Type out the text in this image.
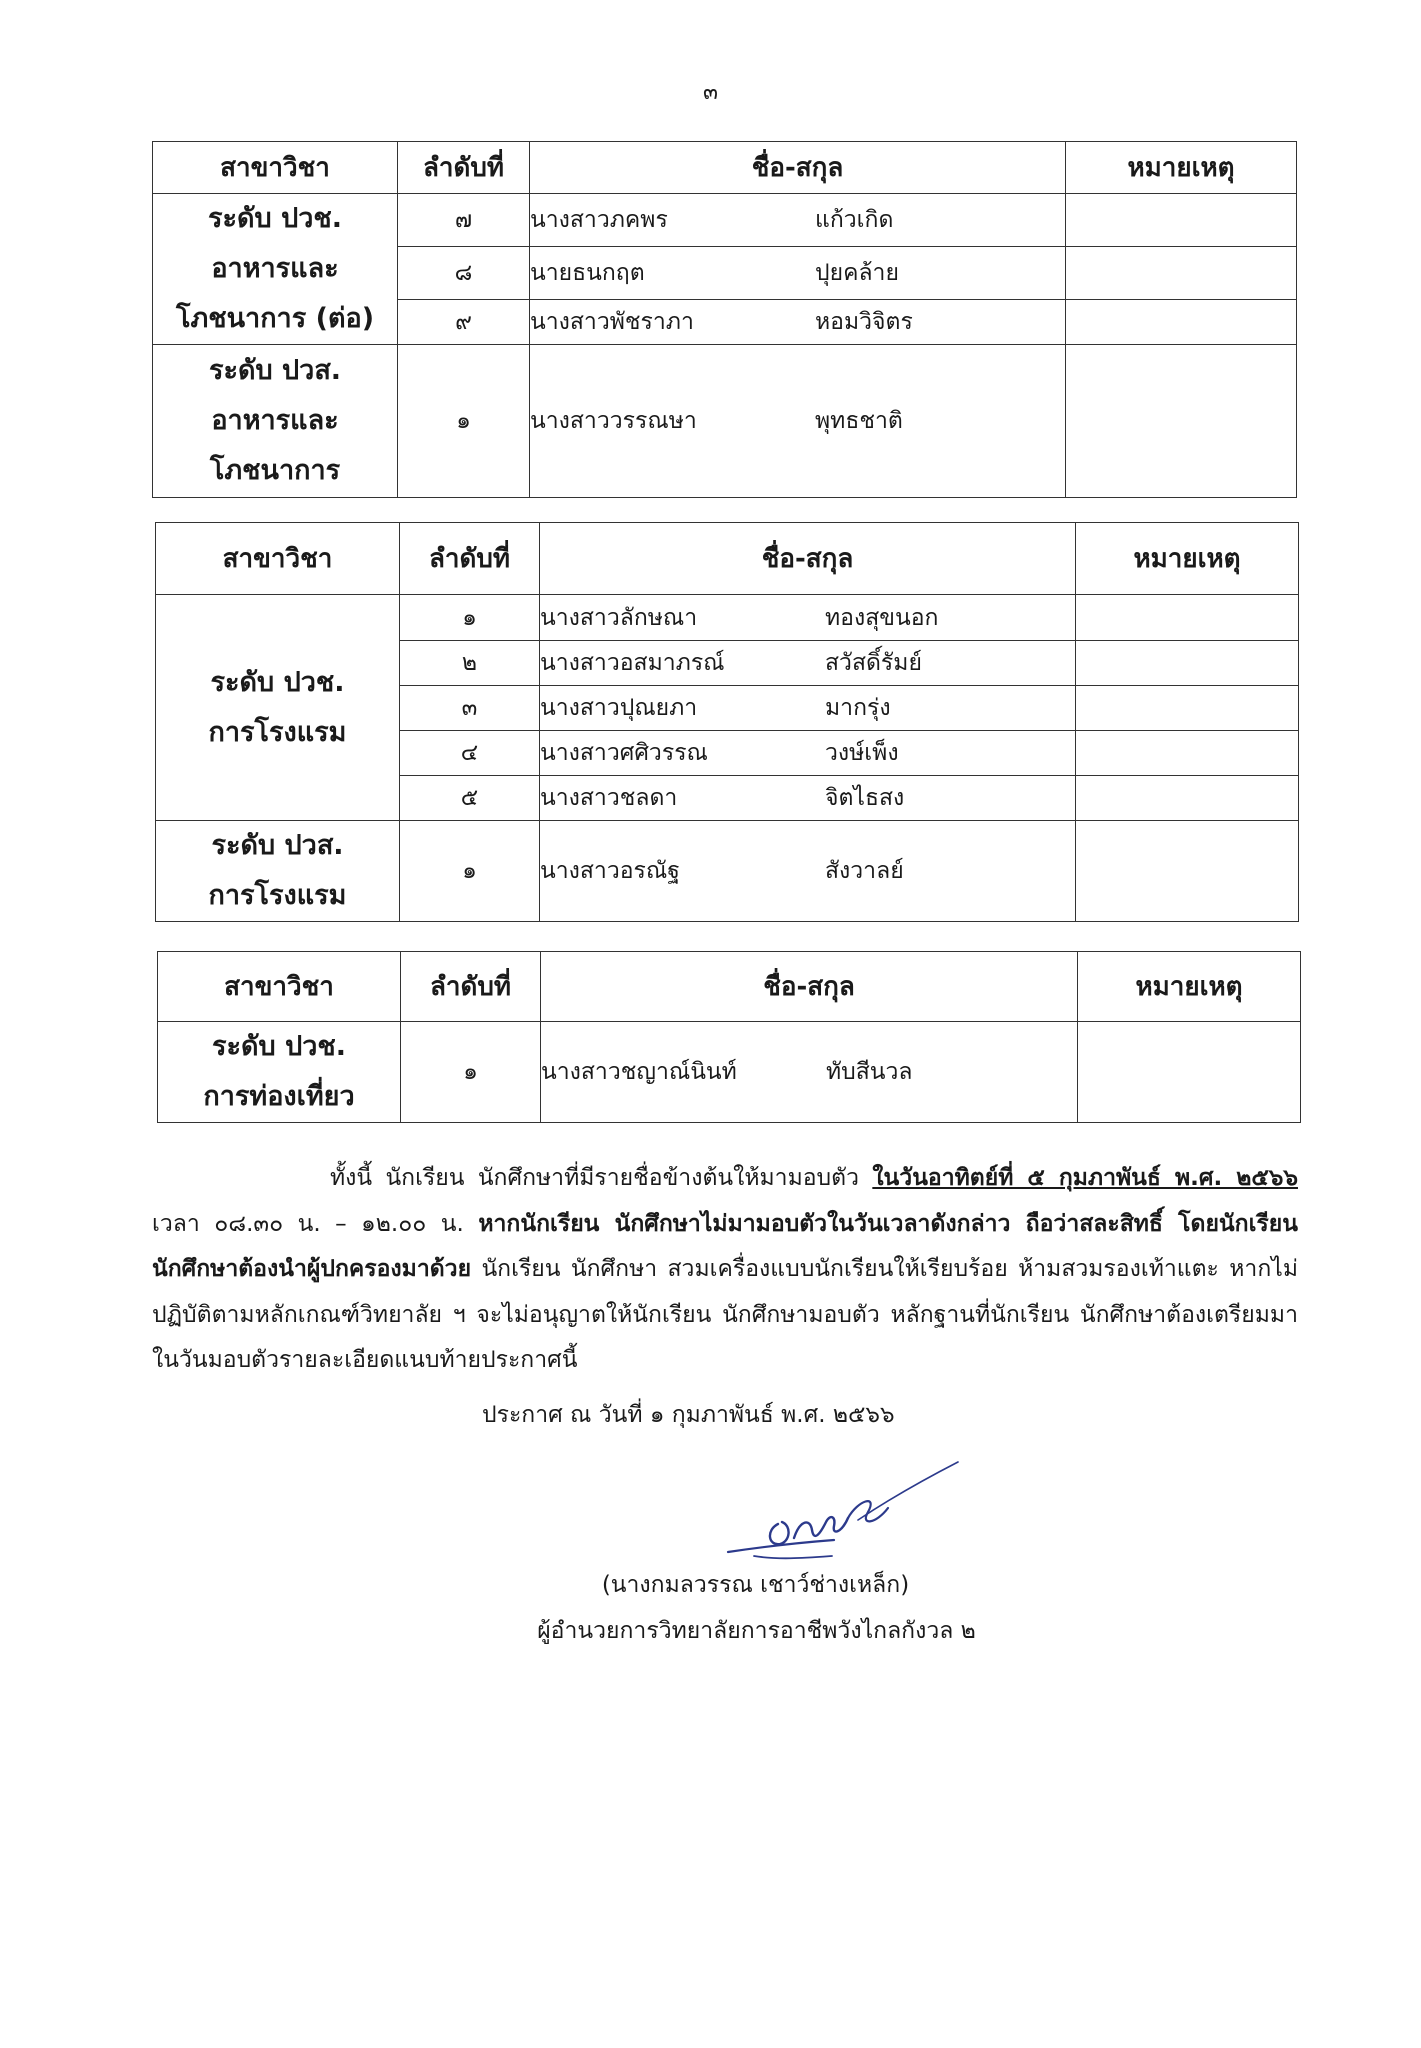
๓
สาขาวิชา	ลำดับที่	ชื่อ-สกุล	หมายเหตุ

ระดับ ปวช.
อาหารและ
โภชนาการ (ต่อ)	๗	นางสาวภคพร แก้วเกิด	
	๘	นายธนกฤต ปุยคล้าย	
	๙	นางสาวพัชราภา หอมวิจิตร	

ระดับ ปวส.
อาหารและ
โภชนาการ	๑	นางสาววรรณษา พุทธชาติ	
สาขาวิชา	ลำดับที่	ชื่อ-สกุล	หมายเหตุ

ระดับ ปวช.
การโรงแรม	๑	นางสาวลักษณา ทองสุขนอก	
	๒	นางสาวอสมาภรณ์ สวัสดิ์รัมย์	
	๓	นางสาวปุณยภา มากรุ่ง	
	๔	นางสาวศศิวรรณ วงษ์เพ็ง	
	๕	นางสาวชลดา จิตไธสง	

ระดับ ปวส.
การโรงแรม	๑	นางสาวอรณัฐ สังวาลย์	
สาขาวิชา	ลำดับที่	ชื่อ-สกุล	หมายเหตุ

ระดับ ปวช.
การท่องเที่ยว	๑	นางสาวชญาณ์นินท์ ทับสีนวล	
ทั้งนี้ นักเรียน นักศึกษาที่มีรายชื่อข้างต้นให้มามอบตัว ในวันอาทิตย์ที่ ๕ กุมภาพันธ์ พ.ศ. ๒๕๖๖ เวลา ๐๘.๓๐ น. – ๑๒.๐๐ น. หากนักเรียน นักศึกษาไม่มามอบตัวในวันเวลาดังกล่าว ถือว่าสละสิทธิ์ โดยนักเรียน นักศึกษาต้องนำผู้ปกครองมาด้วย นักเรียน นักศึกษา สวมเครื่องแบบนักเรียนให้เรียบร้อย ห้ามสวมรองเท้าแตะ หากไม่ปฏิบัติตามหลักเกณฑ์วิทยาลัย ฯ จะไม่อนุญาตให้นักเรียน นักศึกษามอบตัว หลักฐานที่นักเรียน นักศึกษาต้องเตรียมมาในวันมอบตัวรายละเอียดแนบท้ายประกาศนี้
ประกาศ ณ วันที่ ๑ กุมภาพันธ์ พ.ศ. ๒๕๖๖
(นางกมลวรรณ เชาว์ช่างเหล็ก)
ผู้อำนวยการวิทยาลัยการอาชีพวังไกลกังวล ๒
